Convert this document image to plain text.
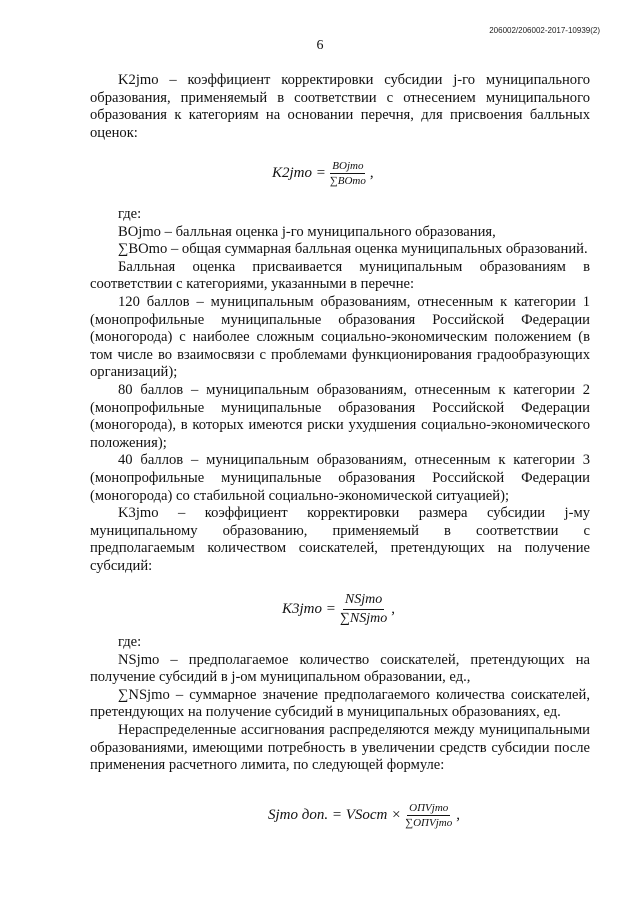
206002/206002-2017-10939(2)
6

K2jmo – коэффициент корректировки субсидии j-го муниципального образования, применяемый в соответствии с отнесением муниципального образования к категориям на основании перечня, для присвоения балльных оценок:

$K2jmo = \frac{\text{BOjmo}}{\text{∑BOmo}}$ ,

где:

BOjmo – балльная оценка j-го муниципального образования,

∑BOmo – общая суммарная балльная оценка муниципальных образований.

Балльная оценка присваивается муниципальным образованиям в соответствии с категориями, указанными в перечне:

120 баллов – муниципальным образованиям, отнесенным к категории 1 (монопрофильные муниципальные образования Российской Федерации (моногорода) с наиболее сложным социально-экономическим положением (в том числе во взаимосвязи с проблемами функционирования градообразующих организаций);

80 баллов – муниципальным образованиям, отнесенным к категории 2 (монопрофильные муниципальные образования Российской Федерации (моногорода), в которых имеются риски ухудшения социально-экономического положения);

40 баллов – муниципальным образованиям, отнесенным к категории 3 (монопрофильные муниципальные образования Российской Федерации (моногорода) со стабильной социально-экономической ситуацией);

K3jmo – коэффициент корректировки размера субсидии j-му муниципальному образованию, применяемый в соответствии с предполагаемым количеством соискателей, претендующих на получение субсидий:

$K3jmo = \frac{\text{NSjmo}}{\text{∑NSjmo}}$ ,

где:

NSjmo – предполагаемое количество соискателей, претендующих на получение субсидий в j-ом муниципальном образовании, ед.,

∑NSjmo – суммарное значение предполагаемого количества соискателей, претендующих на получение субсидий в муниципальных образованиях, ед.

Нераспределенные ассигнования распределяются между муниципальными образованиями, имеющими потребность в увеличении средств субсидии после применения расчетного лимита, по следующей формуле:

Sjmo доп. = VSост × $\frac{\text{ОПVjmo}}{\text{∑ОПVjmo}}$ ,
